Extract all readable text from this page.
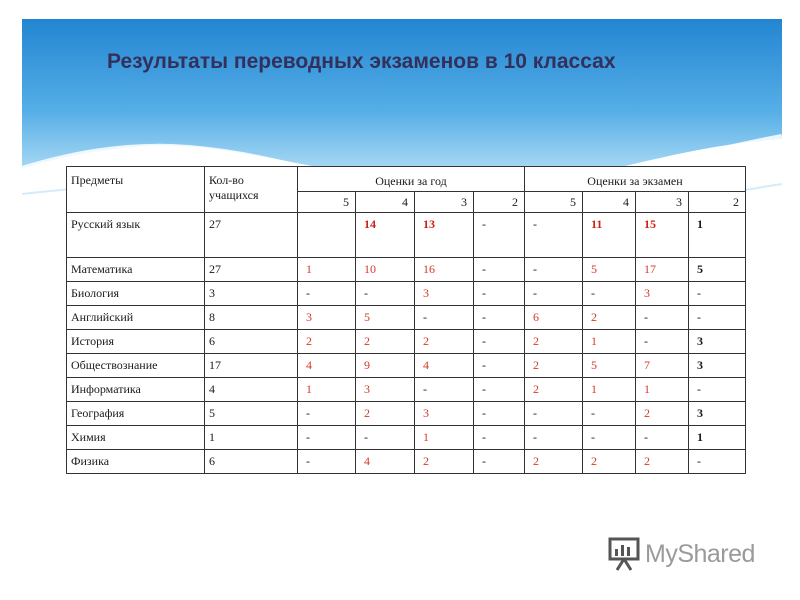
Результаты переводных экзаменов в 10 классах
Предметы	Кол-во учащихся	Оценки за год				Оценки за экзамен			
		5	4	3	2	5	4	3	2
Русский язык	27		14	13	-	-	11	15	1
Математика	27	1	10	16	-	-	5	17	5
Биология	3	-	-	3	-	-	-	3	-
Английский	8	3	5	-	-	6	2	-	-
История	6	2	2	2	-	2	1	-	3
Обществознание	17	4	9	4	-	2	5	7	3
Информатика	4	1	3	-	-	2	1	1	-
География	5	-	2	3	-	-	-	2	3
Химия	1	-	-	1	-	-	-	-	1
Физика	6	-	4	2	-	2	2	2	-
MyShared
